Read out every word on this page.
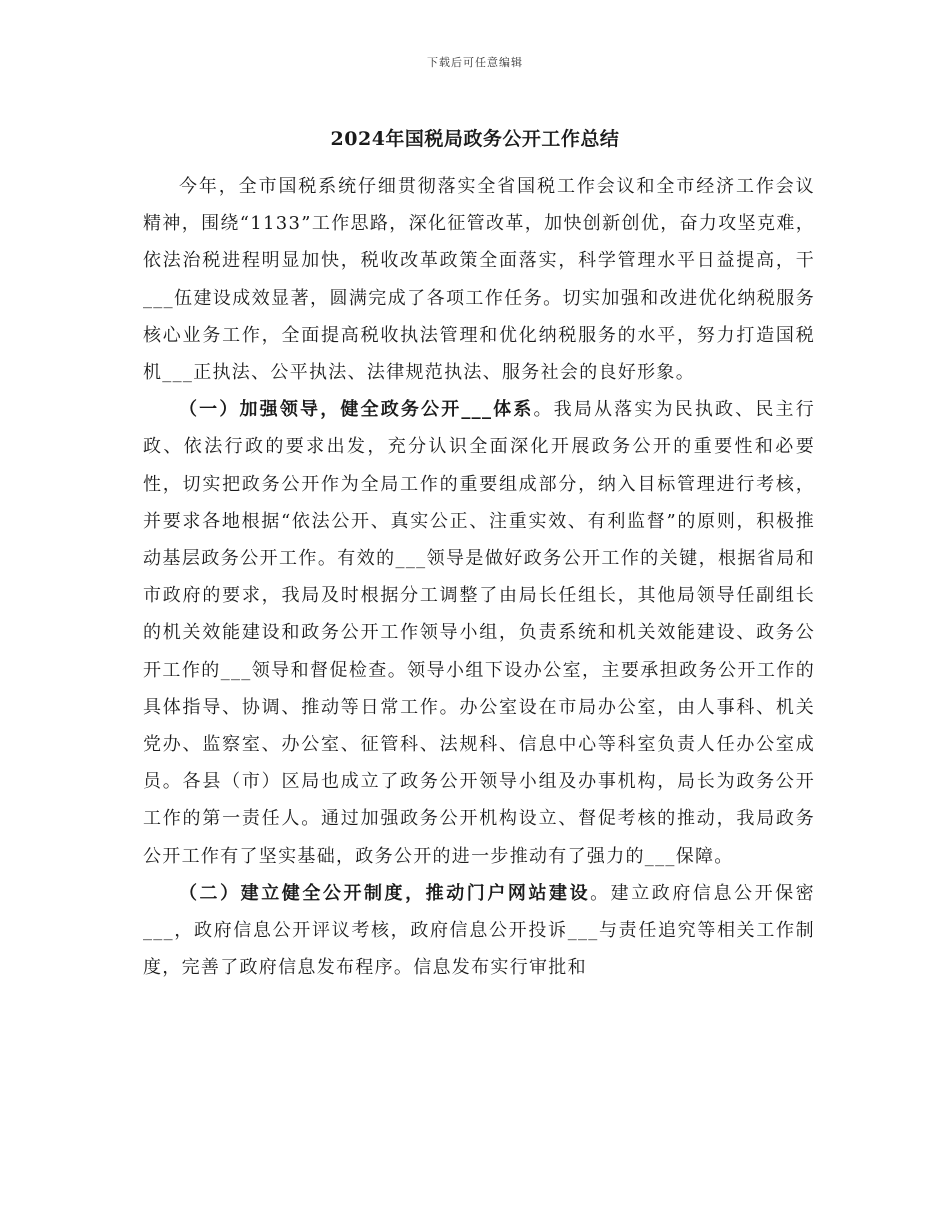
下载后可任意编辑
2024年国税局政务公开工作总结

今年，全市国税系统仔细贯彻落实全省国税工作会议和全市经济工作会议精神，围绕“1133”工作思路，深化征管改革，加快创新创优，奋力攻坚克难，依法治税进程明显加快，税收改革政策全面落实，科学管理水平日益提高，干___伍建设成效显著，圆满完成了各项工作任务。切实加强和改进优化纳税服务核心业务工作，全面提高税收执法管理和优化纳税服务的水平，努力打造国税机___正执法、公平执法、法律规范执法、服务社会的良好形象。

（一）加强领导，健全政务公开___体系。我局从落实为民执政、民主行政、依法行政的要求出发，充分认识全面深化开展政务公开的重要性和必要性，切实把政务公开作为全局工作的重要组成部分，纳入目标管理进行考核，并要求各地根据“依法公开、真实公正、注重实效、有利监督”的原则，积极推动基层政务公开工作。有效的___领导是做好政务公开工作的关键，根据省局和市政府的要求，我局及时根据分工调整了由局长任组长，其他局领导任副组长的机关效能建设和政务公开工作领导小组，负责系统和机关效能建设、政务公开工作的___领导和督促检查。领导小组下设办公室，主要承担政务公开工作的具体指导、协调、推动等日常工作。办公室设在市局办公室，由人事科、机关党办、监察室、办公室、征管科、法规科、信息中心等科室负责人任办公室成员。各县（市）区局也成立了政务公开领导小组及办事机构，局长为政务公开工作的第一责任人。通过加强政务公开机构设立、督促考核的推动，我局政务公开工作有了坚实基础，政务公开的进一步推动有了强力的___保障。

（二）建立健全公开制度，推动门户网站建设。建立政府信息公开保密___，政府信息公开评议考核，政府信息公开投诉___与责任追究等相关工作制度，完善了政府信息发布程序。信息发布实行审批和
